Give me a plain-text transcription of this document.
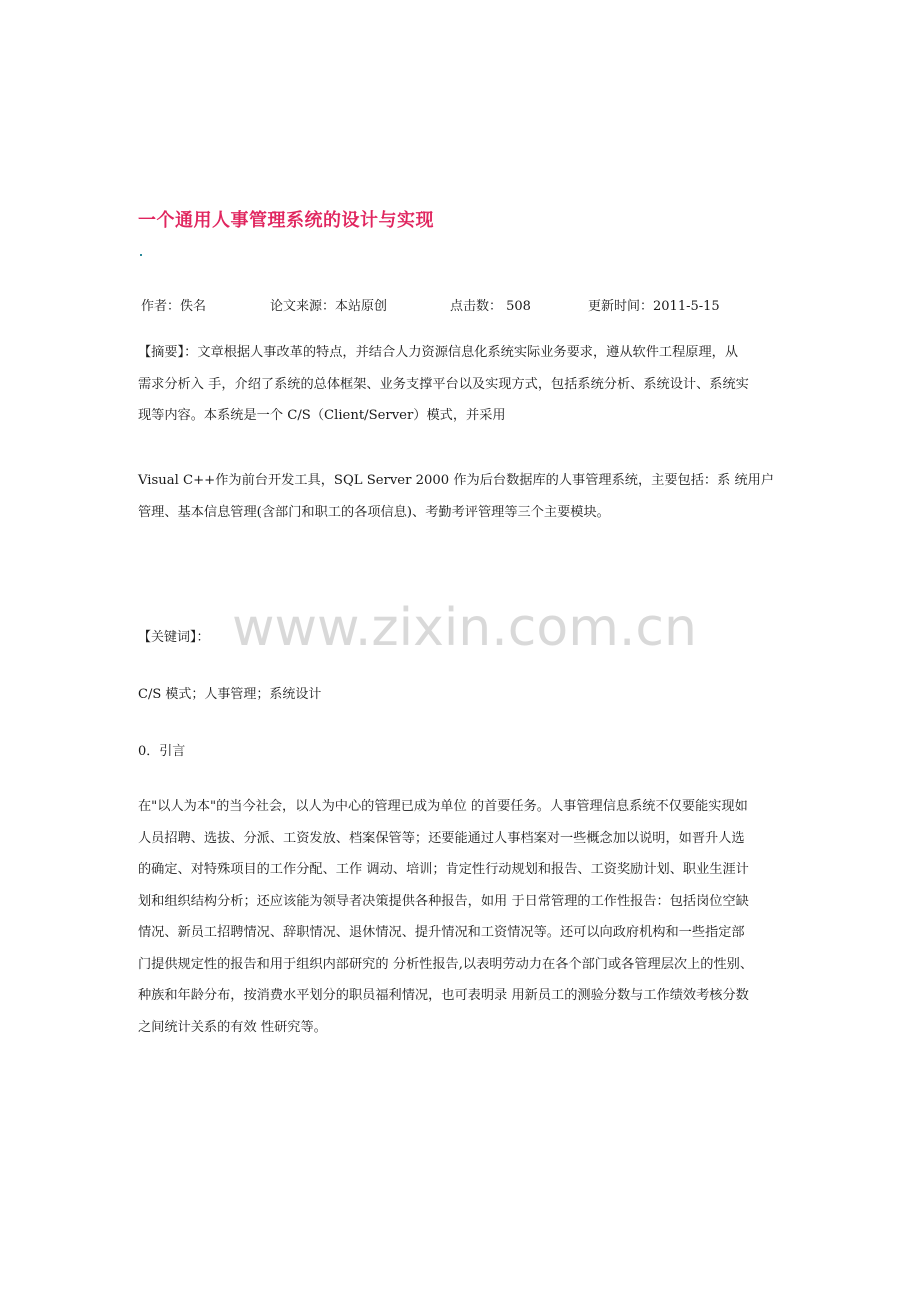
一个通用人事管理系统的设计与实现
作者：佚名	论文来源：本站原创	点击数： 508	更新时间：2011-5-15
【摘要】：文章根据人事改革的特点，并结合人力资源信息化系统实际业务要求，遵从软件工程原理，从
需求分析入 手，介绍了系统的总体框架、业务支撑平台以及实现方式，包括系统分析、系统设计、系统实
现等内容。本系统是一个 C/S（Client/Server）模式，并采用
Visual C++作为前台开发工具，SQL Server 2000 作为后台数据库的人事管理系统，主要包括：系 统用户
管理、基本信息管理(含部门和职工的各项信息)、考勤考评管理等三个主要模块。
www.zixin.com.cn
【关键词】：
C/S 模式；人事管理；系统设计
0．引言
在"以人为本"的当今社会，以人为中心的管理已成为单位 的首要任务。人事管理信息系统不仅要能实现如
人员招聘、选拔、分派、工资发放、档案保管等；还要能通过人事档案对一些概念加以说明，如晋升人选
的确定、对特殊项目的工作分配、工作 调动、培训；肯定性行动规划和报告、工资奖励计划、职业生涯计
划和组织结构分析；还应该能为领导者决策提供各种报告，如用 于日常管理的工作性报告：包括岗位空缺
情况、新员工招聘情况、辞职情况、退休情况、提升情况和工资情况等。还可以向政府机构和一些指定部
门提供规定性的报告和用于组织内部研究的 分析性报告,以表明劳动力在各个部门或各管理层次上的性别、
种族和年龄分布，按消费水平划分的职员福利情况，也可表明录 用新员工的测验分数与工作绩效考核分数
之间统计关系的有效 性研究等。
